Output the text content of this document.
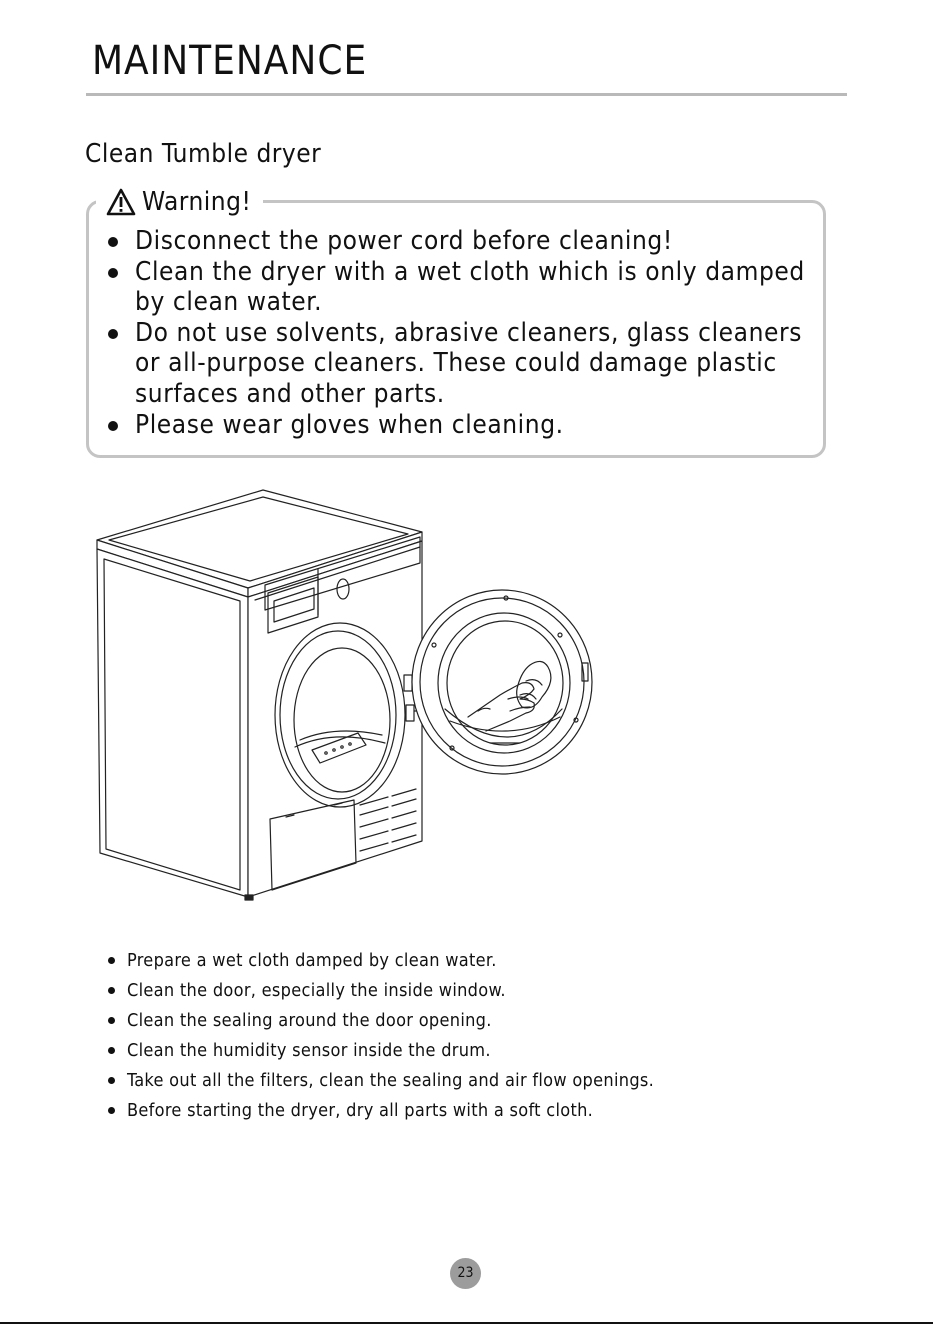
MAINTENANCE
Clean Tumble dryer
Warning!
Disconnect the power cord before cleaning!
Clean the dryer with a wet cloth which is only damped by clean water.
Do not use solvents, abrasive cleaners, glass cleaners or all-purpose cleaners. These could damage plastic surfaces and other parts.
Please wear gloves when cleaning.
Prepare a wet cloth damped by clean water.
Clean the door, especially the inside window.
Clean the sealing around the door opening.
Clean the humidity sensor inside the drum.
Take out all the filters, clean the sealing and air flow openings.
Before starting the dryer, dry all parts with a soft cloth.
23
